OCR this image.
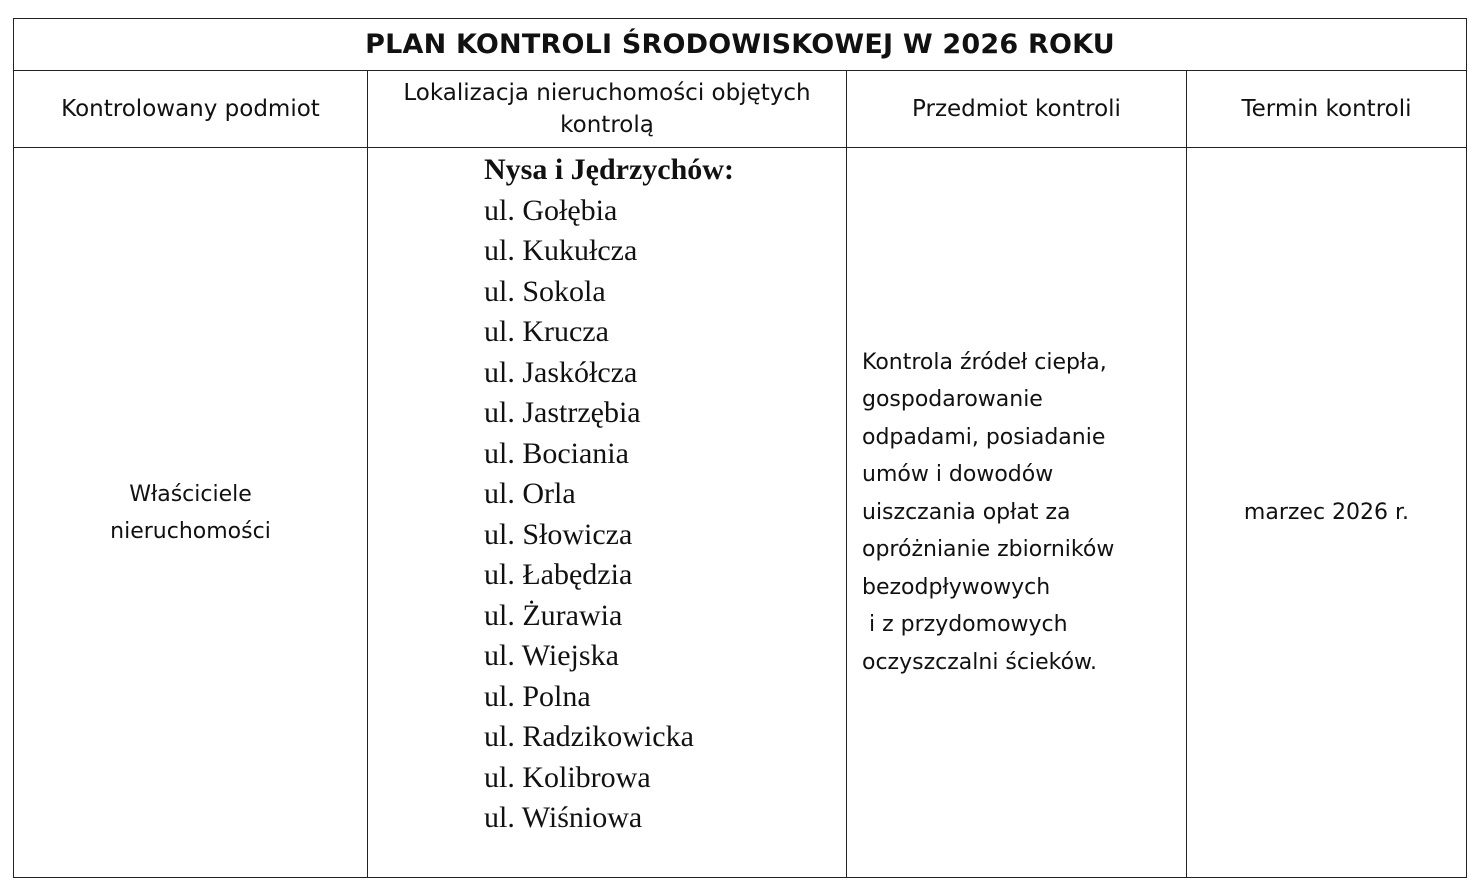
PLAN KONTROLI ŚRODOWISKOWEJ W 2026 ROKU
Kontrolowany podmiot
Lokalizacja nieruchomości objętych kontrolą
Przedmiot kontroli	Termin kontroli
Właściciele nieruchomości
Kontrola źródeł ciepła,
gospodarowanie
odpadami, posiadanie
umów i dowodów
uiszczania opłat za
opróżnianie zbiorników
bezodpływowych
i z przydomowych
oczyszczalni ścieków.
marzec 2026 r.
Nysa i Jędrzychów:
ul. Gołębia
ul. Kukułcza
ul. Sokola
ul. Krucza
ul. Jaskółcza
ul. Jastrzębia
ul. Bociania
ul. Orla
ul. Słowicza
ul. Łabędzia
ul. Żurawia
ul. Wiejska
ul. Polna
ul. Radzikowicka
ul. Kolibrowa
ul. Wiśniowa
